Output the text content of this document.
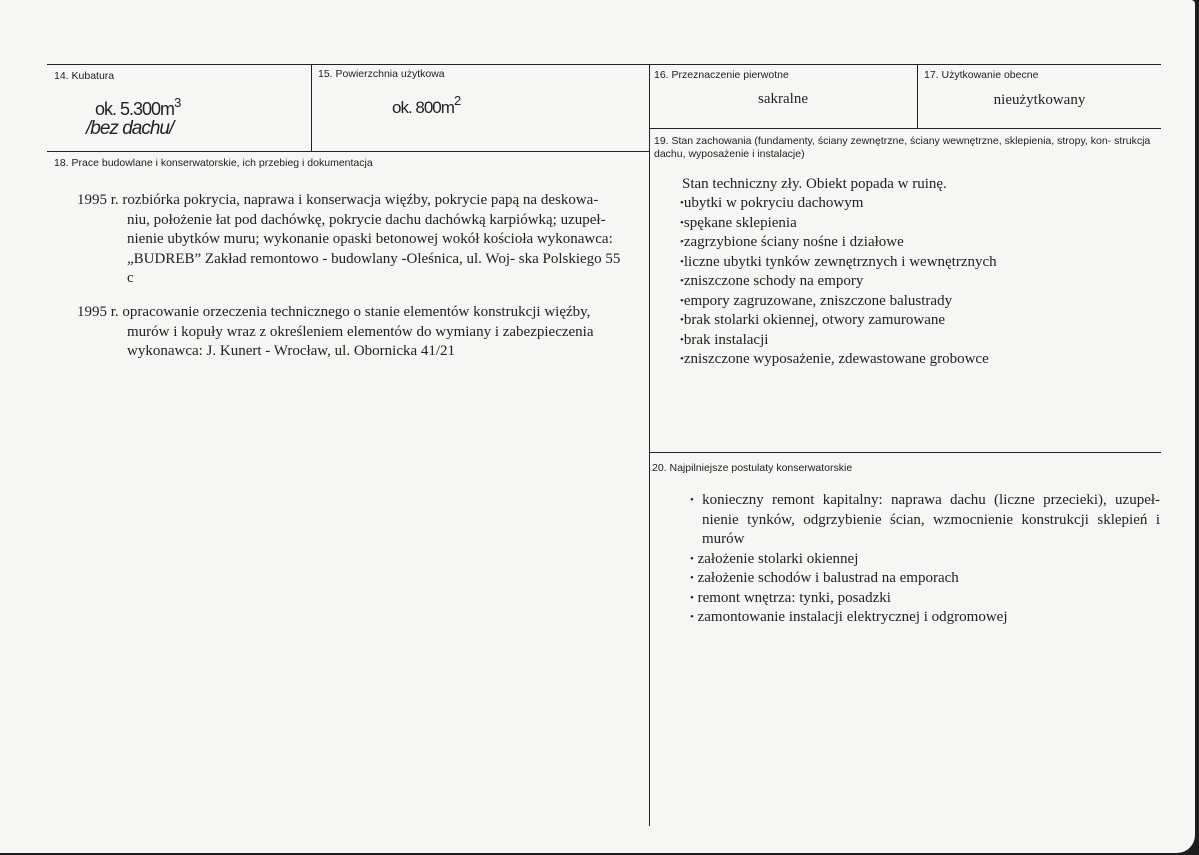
14. Kubatura
ok. $5.300m^3$
/bez dachu/
15. Powierzchnia użytkowa
ok. $800m^2$
16. Przeznaczenie pierwotne
sakralne
17. Użytkowanie obecne
nieużytkowany
18. Prace budowlane i konserwatorskie, ich przebieg i dokumentacja
1995 r. rozbiórka pokrycia, naprawa i konserwacja więźby, pokrycie papą na deskowa-
niu, położenie łat pod dachówkę, pokrycie dachu dachówką karpiówką; uzupeł- nienie ubytków muru; wykonanie opaski betonowej wokół kościoła wykonawca: „BUDREB” Zakład remontowo - budowlany -Oleśnica, ul. Woj- ska Polskiego 55 c
1995 r. opracowanie orzeczenia technicznego o stanie elementów konstrukcji więźby,
murów i kopuły wraz z określeniem elementów do wymiany i zabezpieczenia wykonawca: J. Kunert - Wrocław, ul. Obornicka 41/21
19. Stan zachowania (fundamenty, ściany zewnętrzne, ściany wewnętrzne, sklepienia, stropy, kon- strukcja dachu, wyposażenie i instalacje)
Stan techniczny zły. Obiekt popada w ruinę.
•ubytki w pokryciu dachowym
•spękane sklepienia
•zagrzybione ściany nośne i działowe
•liczne ubytki tynków zewnętrznych i wewnętrznych
•zniszczone schody na empory
•empory zagruzowane, zniszczone balustrady
•brak stolarki okiennej, otwory zamurowane
•brak instalacji
•zniszczone wyposażenie, zdewastowane grobowce
20. Najpilniejsze postulaty konserwatorskie
• konieczny remont kapitalny: naprawa dachu (liczne przecieki), uzupeł- nienie tynków, odgrzybienie ścian, wzmocnienie konstrukcji sklepień i murów
• założenie stolarki okiennej
• założenie schodów i balustrad na emporach
• remont wnętrza: tynki, posadzki
• zamontowanie instalacji elektrycznej i odgromowej
